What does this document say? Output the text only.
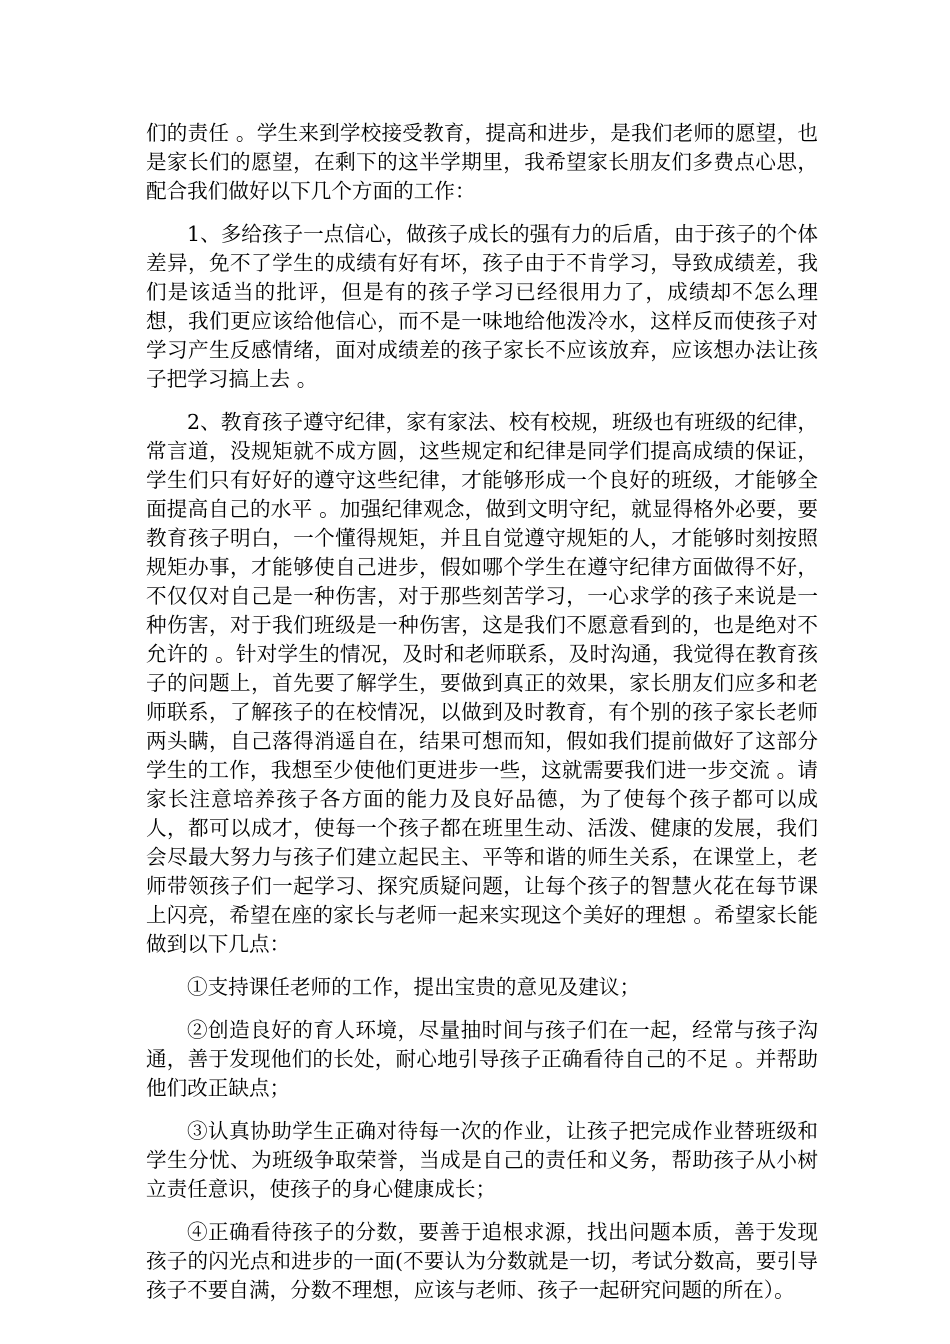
们的责任 。学生来到学校接受教育，提高和进步，是我们老师的愿望，也是家长们的愿望，在剩下的这半学期里，我希望家长朋友们多费点心思，配合我们做好以下几个方面的工作：

1、多给孩子一点信心，做孩子成长的强有力的后盾，由于孩子的个体差异，免不了学生的成绩有好有坏，孩子由于不肯学习，导致成绩差，我们是该适当的批评，但是有的孩子学习已经很用力了，成绩却不怎么理想，我们更应该给他信心，而不是一味地给他泼冷水，这样反而使孩子对学习产生反感情绪，面对成绩差的孩子家长不应该放弃，应该想办法让孩子把学习搞上去 。

2、教育孩子遵守纪律，家有家法、校有校规，班级也有班级的纪律，常言道，没规矩就不成方圆，这些规定和纪律是同学们提高成绩的保证，学生们只有好好的遵守这些纪律，才能够形成一个良好的班级，才能够全面提高自己的水平 。加强纪律观念，做到文明守纪，就显得格外必要，要教育孩子明白，一个懂得规矩，并且自觉遵守规矩的人，才能够时刻按照规矩办事，才能够使自己进步，假如哪个学生在遵守纪律方面做得不好，不仅仅对自己是一种伤害，对于那些刻苦学习，一心求学的孩子来说是一种伤害，对于我们班级是一种伤害，这是我们不愿意看到的，也是绝对不允许的 。针对学生的情况，及时和老师联系，及时沟通，我觉得在教育孩子的问题上，首先要了解学生，要做到真正的效果，家长朋友们应多和老师联系，了解孩子的在校情况，以做到及时教育，有个别的孩子家长老师两头瞒，自己落得消遥自在，结果可想而知，假如我们提前做好了这部分学生的工作，我想至少使他们更进步一些，这就需要我们进一步交流 。请家长注意培养孩子各方面的能力及良好品德，为了使每个孩子都可以成人，都可以成才，使每一个孩子都在班里生动、活泼、健康的发展，我们会尽最大努力与孩子们建立起民主、平等和谐的师生关系，在课堂上，老师带领孩子们一起学习、探究质疑问题，让每个孩子的智慧火花在每节课上闪亮，希望在座的家长与老师一起来实现这个美好的理想 。希望家长能做到以下几点：

①支持课任老师的工作，提出宝贵的意见及建议；

②创造良好的育人环境，尽量抽时间与孩子们在一起，经常与孩子沟通，善于发现他们的长处，耐心地引导孩子正确看待自己的不足 。并帮助他们改正缺点；

③认真协助学生正确对待每一次的作业，让孩子把完成作业替班级和学生分忧、为班级争取荣誉，当成是自己的责任和义务，帮助孩子从小树立责任意识，使孩子的身心健康成长；

④正确看待孩子的分数，要善于追根求源，找出问题本质，善于发现孩子的闪光点和进步的一面(不要认为分数就是一切，考试分数高，要引导孩子不要自满，分数不理想，应该与老师、孩子一起研究问题的所在）。
